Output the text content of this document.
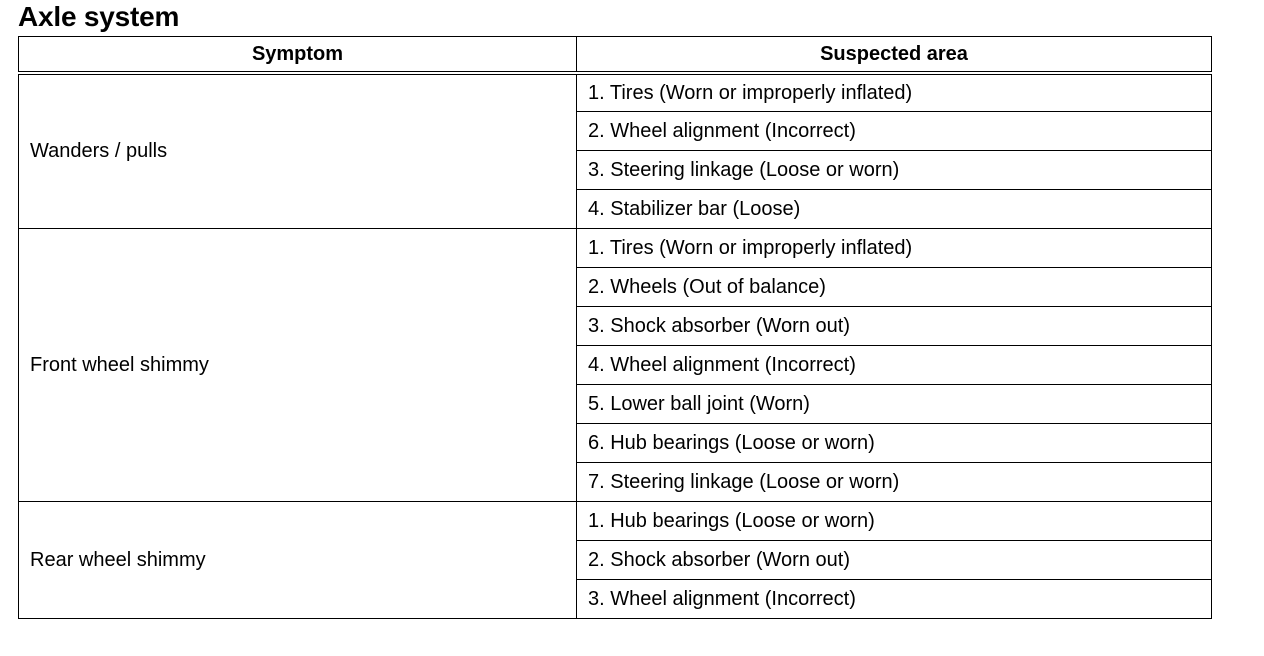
Axle system
Symptom	Suspected area
Wanders / pulls	1. Tires (Worn or improperly inflated)
	2. Wheel alignment (Incorrect)
	3. Steering linkage (Loose or worn)
	4. Stabilizer bar (Loose)
Front wheel shimmy	1. Tires (Worn or improperly inflated)
	2. Wheels (Out of balance)
	3. Shock absorber (Worn out)
	4. Wheel alignment (Incorrect)
	5. Lower ball joint (Worn)
	6. Hub bearings (Loose or worn)
	7. Steering linkage (Loose or worn)
Rear wheel shimmy	1. Hub bearings (Loose or worn)
	2. Shock absorber (Worn out)
	3. Wheel alignment (Incorrect)
